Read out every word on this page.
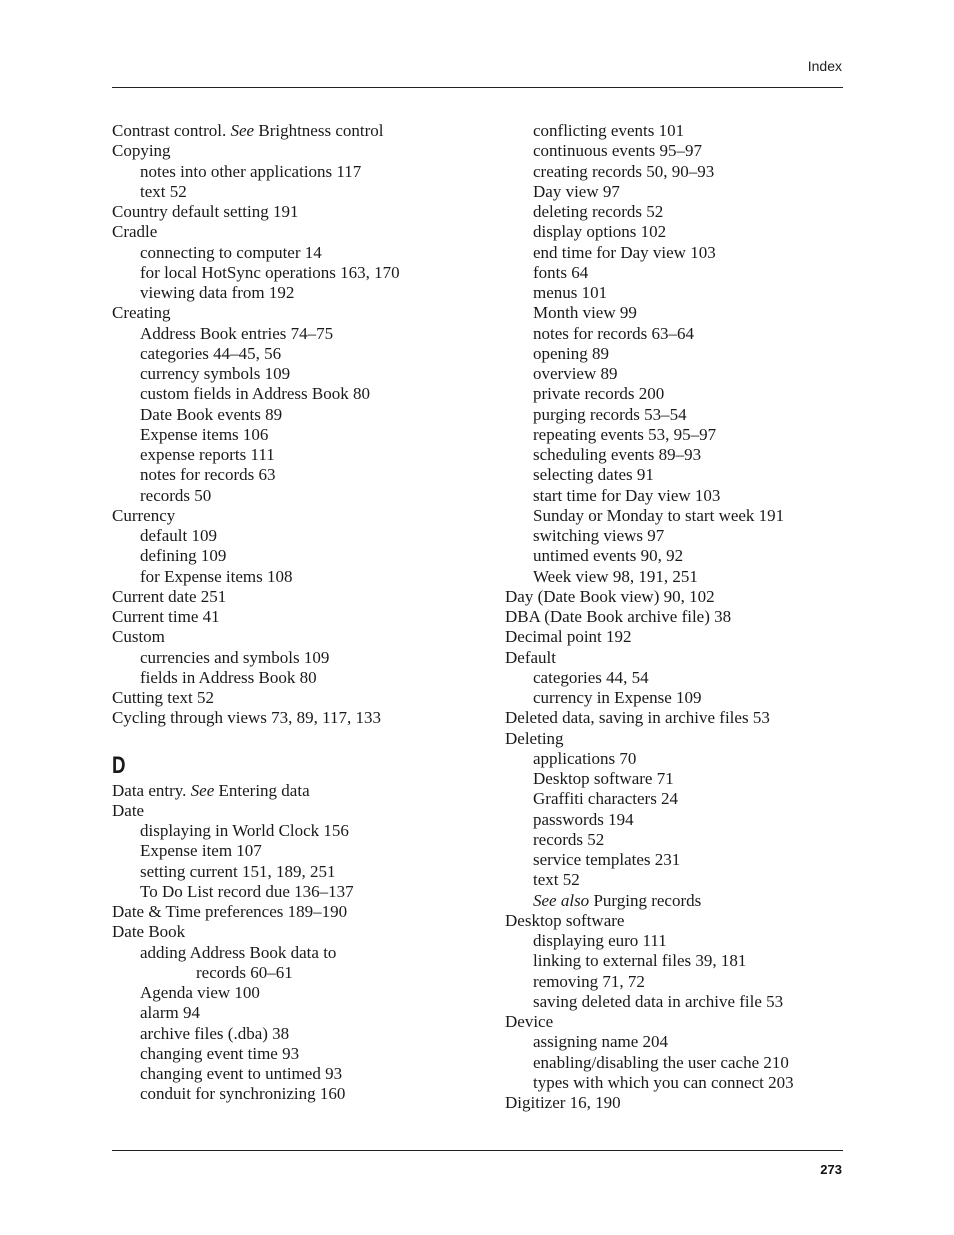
Index
Contrast control. See Brightness control
Copying
notes into other applications 117
text 52
Country default setting 191
Cradle
connecting to computer 14
for local HotSync operations 163, 170
viewing data from 192
Creating
Address Book entries 74–75
categories 44–45, 56
currency symbols 109
custom fields in Address Book 80
Date Book events 89
Expense items 106
expense reports 111
notes for records 63
records 50
Currency
default 109
defining 109
for Expense items 108
Current date 251
Current time 41
Custom
currencies and symbols 109
fields in Address Book 80
Cutting text 52
Cycling through views 73, 89, 117, 133
D
Data entry. See Entering data
Date
displaying in World Clock 156
Expense item 107
setting current 151, 189, 251
To Do List record due 136–137
Date & Time preferences 189–190
Date Book
adding Address Book data to
records 60–61
Agenda view 100
alarm 94
archive files (.dba) 38
changing event time 93
changing event to untimed 93
conduit for synchronizing 160
conflicting events 101
continuous events 95–97
creating records 50, 90–93
Day view 97
deleting records 52
display options 102
end time for Day view 103
fonts 64
menus 101
Month view 99
notes for records 63–64
opening 89
overview 89
private records 200
purging records 53–54
repeating events 53, 95–97
scheduling events 89–93
selecting dates 91
start time for Day view 103
Sunday or Monday to start week 191
switching views 97
untimed events 90, 92
Week view 98, 191, 251
Day (Date Book view) 90, 102
DBA (Date Book archive file) 38
Decimal point 192
Default
categories 44, 54
currency in Expense 109
Deleted data, saving in archive files 53
Deleting
applications 70
Desktop software 71
Graffiti characters 24
passwords 194
records 52
service templates 231
text 52
See also Purging records
Desktop software
displaying euro 111
linking to external files 39, 181
removing 71, 72
saving deleted data in archive file 53
Device
assigning name 204
enabling/disabling the user cache 210
types with which you can connect 203
Digitizer 16, 190
273
